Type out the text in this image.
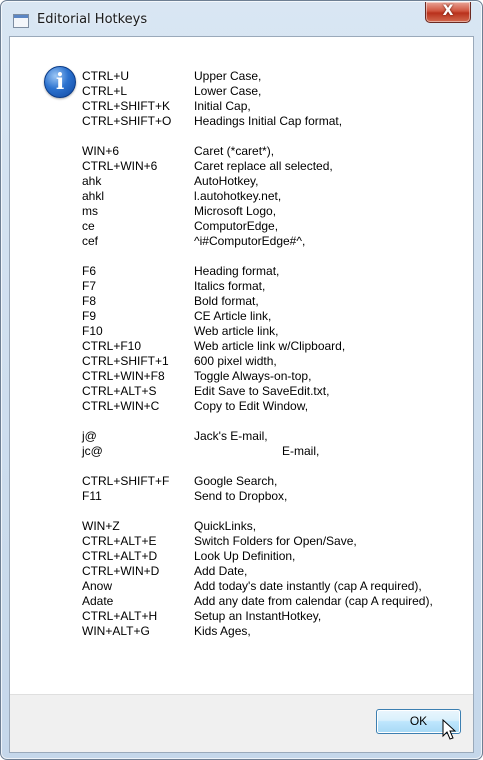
Editorial Hotkeys
X
i	CTRL+U	Upper Case,
CTRL+L	Lower Case,
CTRL+SHIFT+K Initial Cap,
CTRL+SHIFT+O Headings Initial Cap format,
WIN+6	Caret (*caret*),
CTRL+WIN+6	Caret replace all selected,
ahk	AutoHotkey,
ahkl	l.autohotkey.net,
ms	Microsoft Logo,
ce	ComputorEdge,
cef	^i#ComputorEdge#^,
F6	Heading format,
F7	Italics format,
F8	Bold format,
F9	CE Article link,
F10	Web article link,
CTRL+F10	Web article link w/Clipboard,
CTRL+SHIFT+1 600 pixel width,
CTRL+WIN+F8 Toggle Always-on-top,
CTRL+ALT+S	Edit Save to SaveEdit.txt,
CTRL+WIN+C	Copy to Edit Window,
j@	Jack's E-mail,
jc@	E-mail,
CTRL+SHIFT+F Google Search,
F11	Send to Dropbox,
WIN+Z	QuickLinks,
CTRL+ALT+E	Switch Folders for Open/Save,
CTRL+ALT+D	Look Up Definition,
CTRL+WIN+D	Add Date,
Anow	Add today's date instantly (cap A required),
Adate	Add any date from calendar (cap A required),
CTRL+ALT+H	Setup an InstantHotkey,
WIN+ALT+G	Kids Ages,
OK
